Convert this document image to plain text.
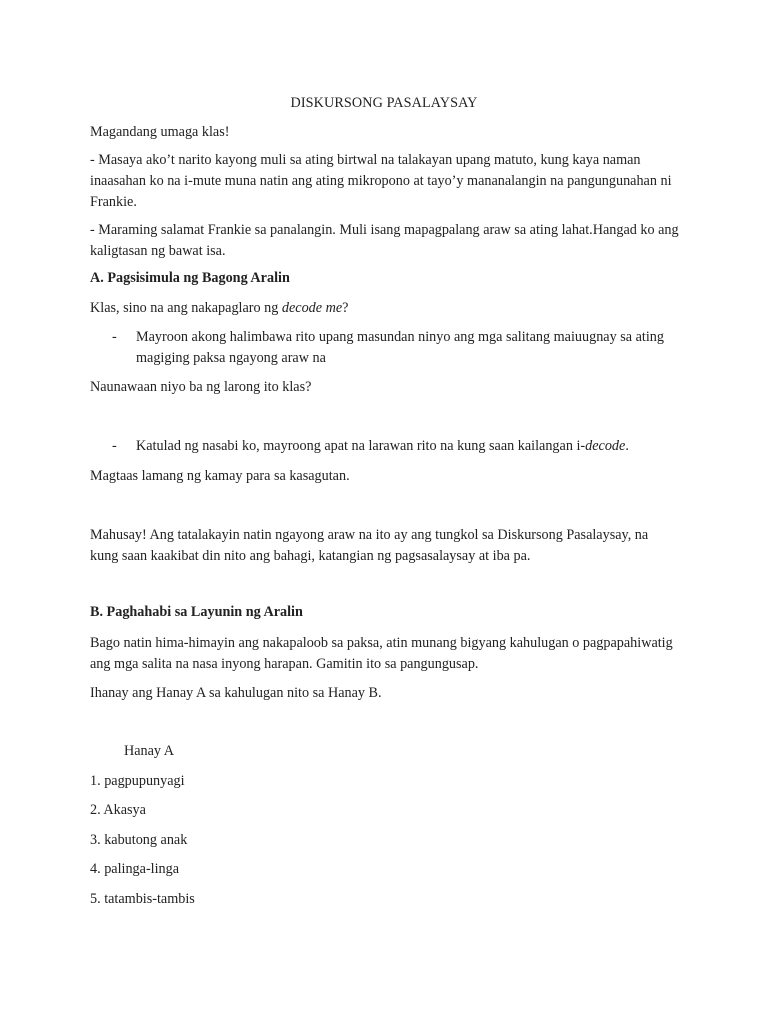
DISKURSONG PASALAYSAY

Magandang umaga klas!

- Masaya ako’t narito kayong muli sa ating birtwal na talakayan upang matuto, kung kaya naman inaasahan ko na i-mute muna natin ang ating mikropono at tayo’y mananalangin na pangungunahan ni Frankie.

- Maraming salamat Frankie sa panalangin. Muli isang mapagpalang araw sa ating lahat.Hangad ko ang kaligtasan ng bawat isa.

A. Pagsisimula ng Bagong Aralin

Klas, sino na ang nakapaglaro ng decode me?

- Mayroon akong halimbawa rito upang masundan ninyo ang mga salitang maiuugnay sa ating magiging paksa ngayong araw na

Naunawaan niyo ba ng larong ito klas?

- Katulad ng nasabi ko, mayroong apat na larawan rito na kung saan kailangan i-decode.

Magtaas lamang ng kamay para sa kasagutan.

Mahusay! Ang tatalakayin natin ngayong araw na ito ay ang tungkol sa Diskursong Pasalaysay, na kung saan kaakibat din nito ang bahagi, katangian ng pagsasalaysay at iba pa.

B. Paghahabi sa Layunin ng Aralin

Bago natin hima-himayin ang nakapaloob sa paksa, atin munang bigyang kahulugan o pagpapahiwatig ang mga salita na nasa inyong harapan. Gamitin ito sa pangungusap.

Ihanay ang Hanay A sa kahulugan nito sa Hanay B.

Hanay A

1. pagpupunyagi

2. Akasya

3. kabutong anak

4. palinga-linga

5. tatambis-tambis
